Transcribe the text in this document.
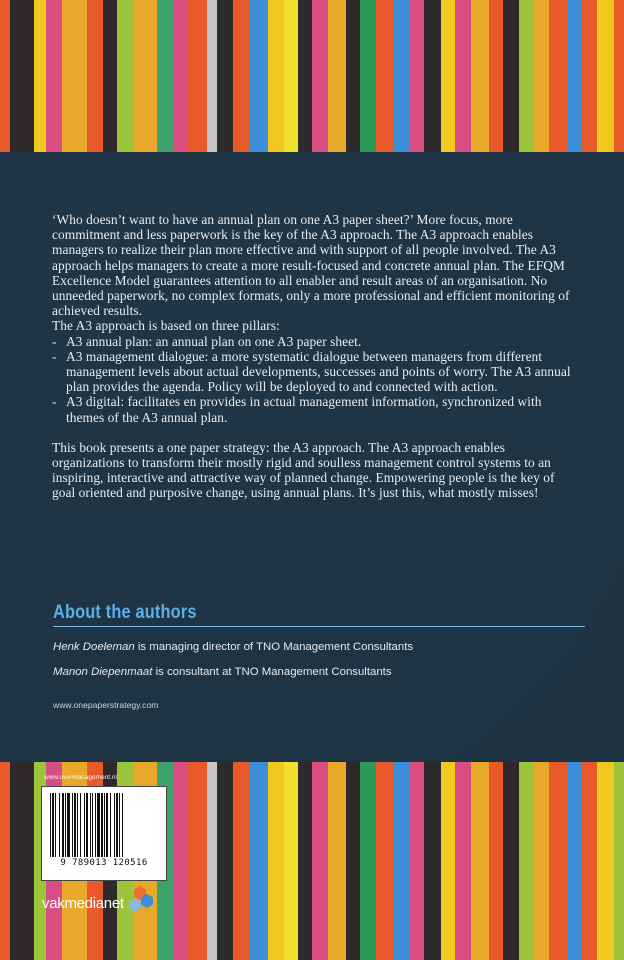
‘Who doesn’t want to have an annual plan on one A3 paper sheet?’ More focus, more commitment and less paperwork is the key of the A3 approach. The A3 approach enables managers to realize their plan more effective and with support of all people involved. The A3 approach helps managers to create a more result-focused and concrete annual plan. The EFQM Excellence Model guarantees attention to all enabler and result areas of an organisation. No unneeded paperwork, no complex formats, only a more professional and efficient monitoring of achieved results.

The A3 approach is based on three pillars:

- A3 annual plan: an annual plan on one A3 paper sheet.
- A3 management dialogue: a more systematic dialogue between managers from different management levels about actual developments, successes and points of worry. The A3 annual plan provides the agenda. Policy will be deployed to and connected with action.
- A3 digital: facilitates en provides in actual management information, synchronized with themes of the A3 annual plan.

This book presents a one paper strategy: the A3 approach. The A3 approach enables organizations to transform their mostly rigid and soulless management control systems to an inspiring, interactive and attractive way of planned change. Empowering people is the key of goal oriented and purposive change, using annual plans. It’s just this, what mostly misses!

About the authors
Henk Doeleman is managing director of TNO Management Consultants
Manon Diepenmaat is consultant at TNO Management Consultants
www.onepaperstrategy.com
www.overmanagement.nl
9 789013 120516
vakmedianet
